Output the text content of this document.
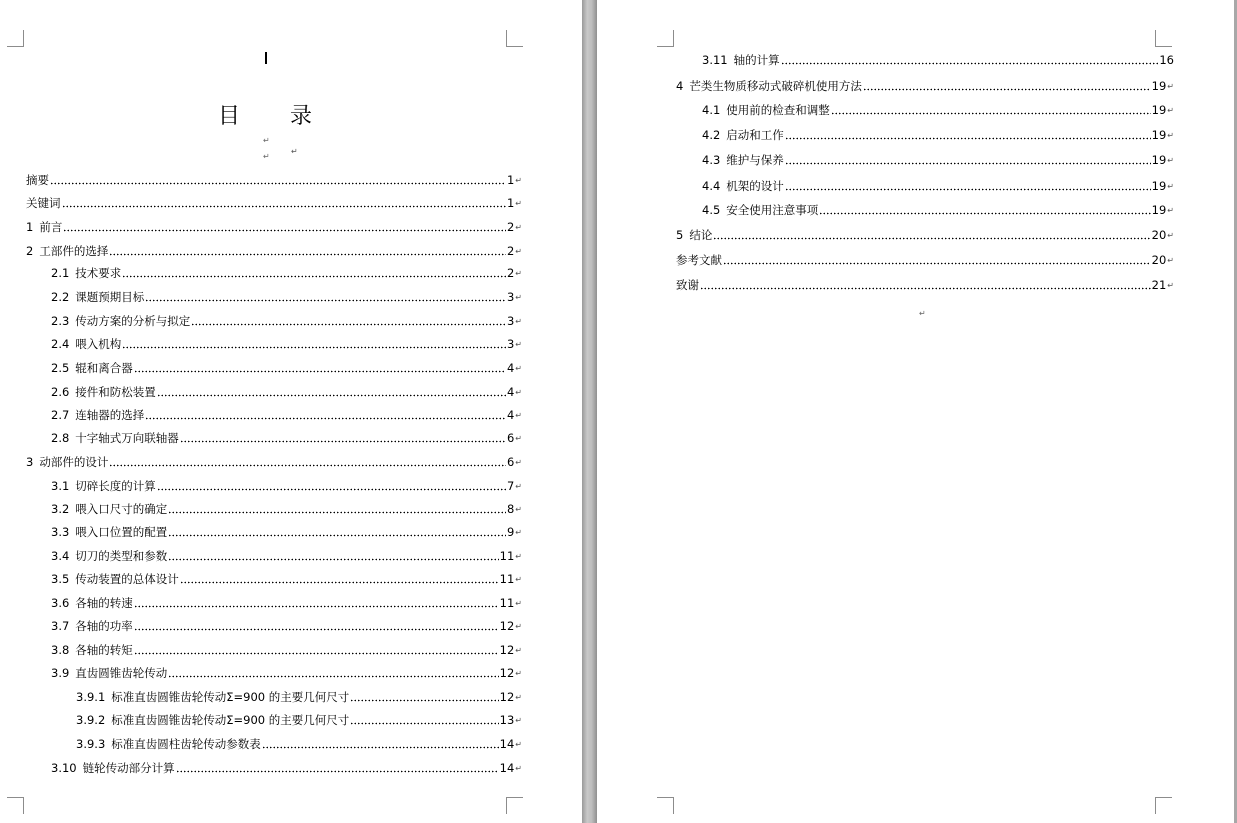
↵
↵
目 录↵
摘要	1 ↵
关键词	1 ↵
1 前言	2 ↵
2 工部件的选择	2 ↵
2.1 技术要求	2 ↵
2.2 课题预期目标	3 ↵
2.3 传动方案的分析与拟定	3 ↵
2.4 喂入机构	3 ↵
2.5 辊和离合器	4 ↵
2.6 接件和防松装置	4 ↵
2.7 连轴器的选择	4 ↵
2.8 十字轴式万向联轴器	6 ↵
3 动部件的设计	6 ↵
3.1 切碎长度的计算	7 ↵
3.2 喂入口尺寸的确定	8 ↵
3.3 喂入口位置的配置	9 ↵
3.4 切刀的类型和参数	11 ↵
3.5 传动装置的总体设计	11 ↵
3.6 各轴的转速	11 ↵
3.7 各轴的功率	12 ↵
3.8 各轴的转矩	12 ↵
3.9 直齿圆锥齿轮传动	12 ↵
3.9.1 标准直齿圆锥齿轮传动Σ=900 的主要几何尺寸	12 ↵
3.9.2 标准直齿圆锥齿轮传动Σ=900 的主要几何尺寸	13 ↵
3.9.3 标准直齿圆柱齿轮传动参数表	14 ↵
3.10 链轮传动部分计算	14 ↵
3.11 轴的计算	16
4 芒类生物质移动式破碎机使用方法	19 ↵
4.1 使用前的检查和调整	19 ↵
4.2 启动和工作	19 ↵
4.3 维护与保养	19 ↵
4.4 机架的设计	19 ↵
4.5 安全使用注意事项	19 ↵
5 结论	20 ↵
参考文献	20 ↵
致谢	21 ↵
↵
